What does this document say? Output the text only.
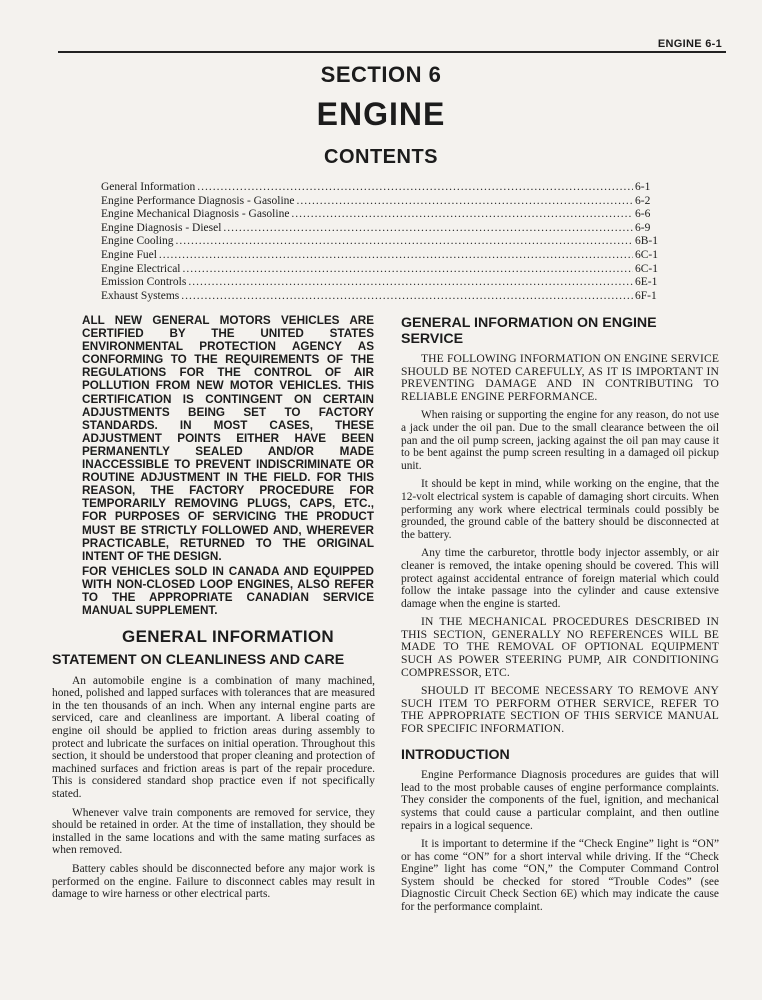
ENGINE 6-1
SECTION 6
ENGINE
CONTENTS
General Information .....	6-1
Engine Performance Diagnosis - Gasoline .....	6-2
Engine Mechanical Diagnosis - Gasoline .....	6-6
Engine Diagnosis - Diesel .....	6-9
Engine Cooling .....	6B-1
Engine Fuel .....	6C-1
Engine Electrical .....	6C-1
Emission Controls .....	6E-1
Exhaust Systems .....	6F-1

ALL NEW GENERAL MOTORS VEHICLES ARE CERTIFIED BY THE UNITED STATES ENVIRONMENTAL PROTECTION AGENCY AS CONFORMING TO THE REQUIREMENTS OF THE REGULATIONS FOR THE CONTROL OF AIR POLLUTION FROM NEW MOTOR VEHICLES. THIS CERTIFICATION IS CONTINGENT ON CERTAIN ADJUSTMENTS BEING SET TO FACTORY STANDARDS. IN MOST CASES, THESE ADJUSTMENT POINTS EITHER HAVE BEEN PERMANENTLY SEALED AND/OR MADE INACCESSIBLE TO PREVENT INDISCRIMINATE OR ROUTINE ADJUSTMENT IN THE FIELD. FOR THIS REASON, THE FACTORY PROCEDURE FOR TEMPORARILY REMOVING PLUGS, CAPS, ETC., FOR PURPOSES OF SERVICING THE PRODUCT MUST BE STRICTLY FOLLOWED AND, WHEREVER PRACTICABLE, RETURNED TO THE ORIGINAL INTENT OF THE DESIGN.

FOR VEHICLES SOLD IN CANADA AND EQUIPPED WITH NON-CLOSED LOOP ENGINES, ALSO REFER TO THE APPROPRIATE CANADIAN SERVICE MANUAL SUPPLEMENT.

GENERAL INFORMATION
STATEMENT ON CLEANLINESS AND CARE

An automobile engine is a combination of many machined, honed, polished and lapped surfaces with tolerances that are measured in the ten thousands of an inch. When any internal engine parts are serviced, care and cleanliness are important. A liberal coating of engine oil should be applied to friction areas during assembly to protect and lubricate the surfaces on initial operation. Throughout this section, it should be understood that proper cleaning and protection of machined surfaces and friction areas is part of the repair procedure. This is considered standard shop practice even if not specifically stated.

Whenever valve train components are removed for service, they should be retained in order. At the time of installation, they should be installed in the same locations and with the same mating surfaces as when removed.

Battery cables should be disconnected before any major work is performed on the engine. Failure to disconnect cables may result in damage to wire harness or other electrical parts.

GENERAL INFORMATION ON ENGINE SERVICE

THE FOLLOWING INFORMATION ON ENGINE SERVICE SHOULD BE NOTED CAREFULLY, AS IT IS IMPORTANT IN PREVENTING DAMAGE AND IN CONTRIBUTING TO RELIABLE ENGINE PERFORMANCE.

When raising or supporting the engine for any reason, do not use a jack under the oil pan. Due to the small clearance between the oil pan and the oil pump screen, jacking against the oil pan may cause it to be bent against the pump screen resulting in a damaged oil pickup unit.

It should be kept in mind, while working on the engine, that the 12-volt electrical system is capable of damaging short circuits. When performing any work where electrical terminals could possibly be grounded, the ground cable of the battery should be disconnected at the battery.

Any time the carburetor, throttle body injector assembly, or air cleaner is removed, the intake opening should be covered. This will protect against accidental entrance of foreign material which could follow the intake passage into the cylinder and cause extensive damage when the engine is started.

IN THE MECHANICAL PROCEDURES DESCRIBED IN THIS SECTION, GENERALLY NO REFERENCES WILL BE MADE TO THE REMOVAL OF OPTIONAL EQUIPMENT SUCH AS POWER STEERING PUMP, AIR CONDITIONING COMPRESSOR, ETC.

SHOULD IT BECOME NECESSARY TO REMOVE ANY SUCH ITEM TO PERFORM OTHER SERVICE, REFER TO THE APPROPRIATE SECTION OF THIS SERVICE MANUAL FOR SPECIFIC INFORMATION.

INTRODUCTION

Engine Performance Diagnosis procedures are guides that will lead to the most probable causes of engine performance complaints. They consider the components of the fuel, ignition, and mechanical systems that could cause a particular complaint, and then outline repairs in a logical sequence.

It is important to determine if the “Check Engine” light is “ON” or has come “ON” for a short interval while driving. If the “Check Engine” light has come “ON,” the Computer Command Control System should be checked for stored “Trouble Codes” (see Diagnostic Circuit Check Section 6E) which may indicate the cause for the performance complaint.
